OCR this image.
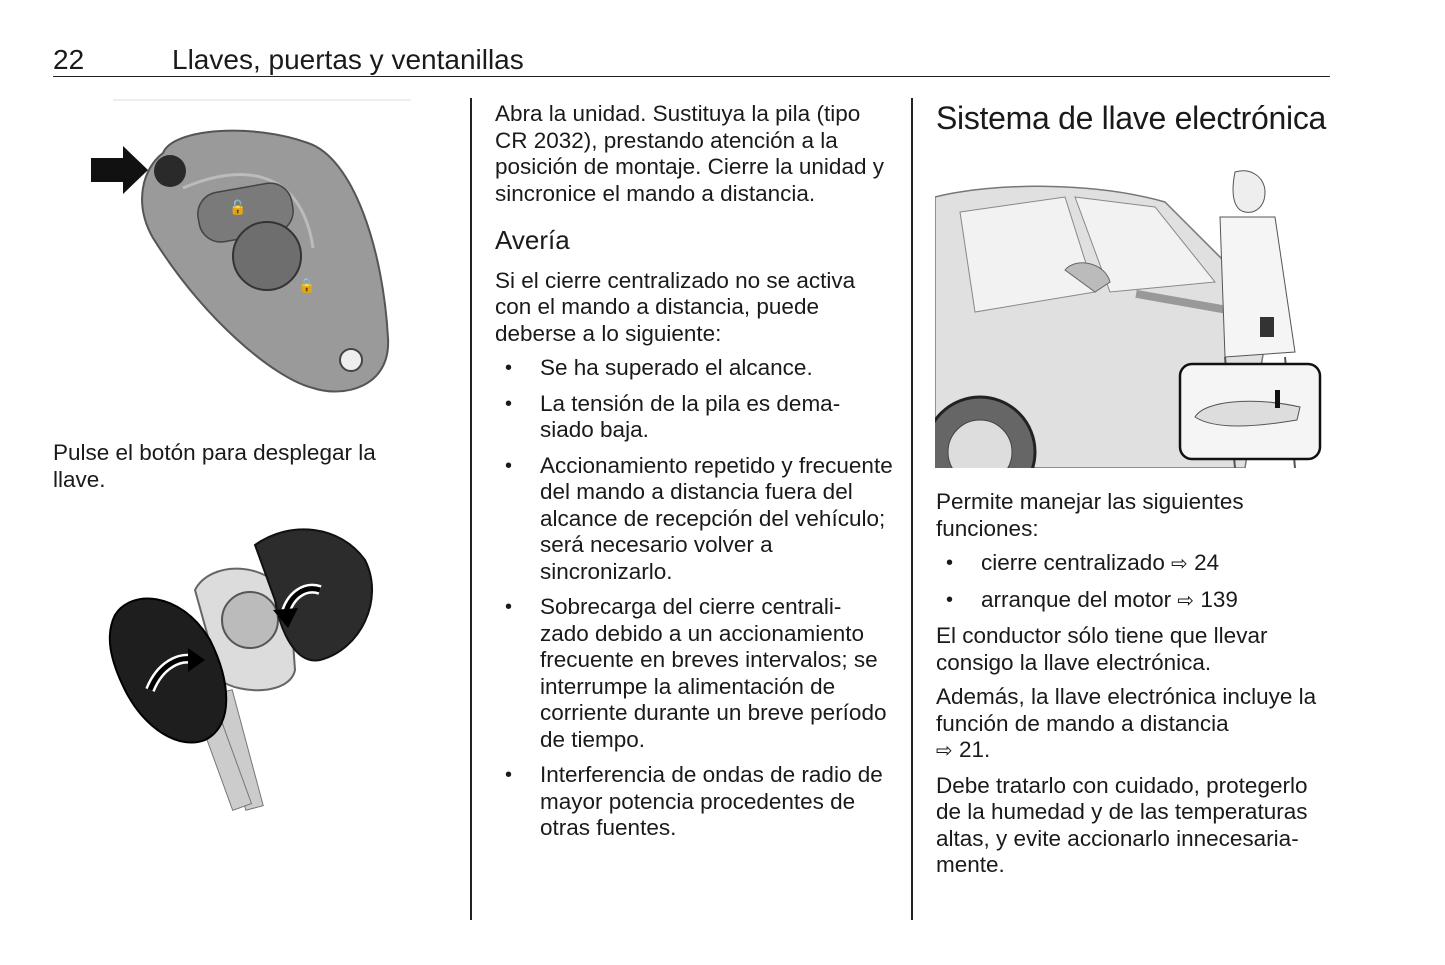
22	Llaves, puertas y ventanillas
🔓
🔒
Pulse el botón para desplegar la llave.

Abra la unidad. Sustituya la pila (tipo CR 2032), prestando atención a la posición de montaje. Cierre la unidad y sincronice el mando a distancia.

Avería

Si el cierre centralizado no se activa con el mando a distancia, puede deberse a lo siguiente:

• Se ha superado el alcance.
• La tensión de la pila es dema- siado baja.
• Accionamiento repetido y frecuente del mando a distancia fuera del alcance de recepción del vehículo; será necesario volver a sincronizarlo.
• Sobrecarga del cierre centrali- zado debido a un accionamiento frecuente en breves intervalos; se interrumpe la alimentación de corriente durante un breve período de tiempo.
• Interferencia de ondas de radio de mayor potencia procedentes de otras fuentes.
Sistema de llave electrónica

Permite manejar las siguientes funciones:

• cierre centralizado ⇨ 24
• arranque del motor ⇨ 139

El conductor sólo tiene que llevar consigo la llave electrónica.

Además, la llave electrónica incluye la función de mando a distancia
⇨ 21.

Debe tratarlo con cuidado, protegerlo de la humedad y de las temperaturas altas, y evite accionarlo innecesaria- mente.
